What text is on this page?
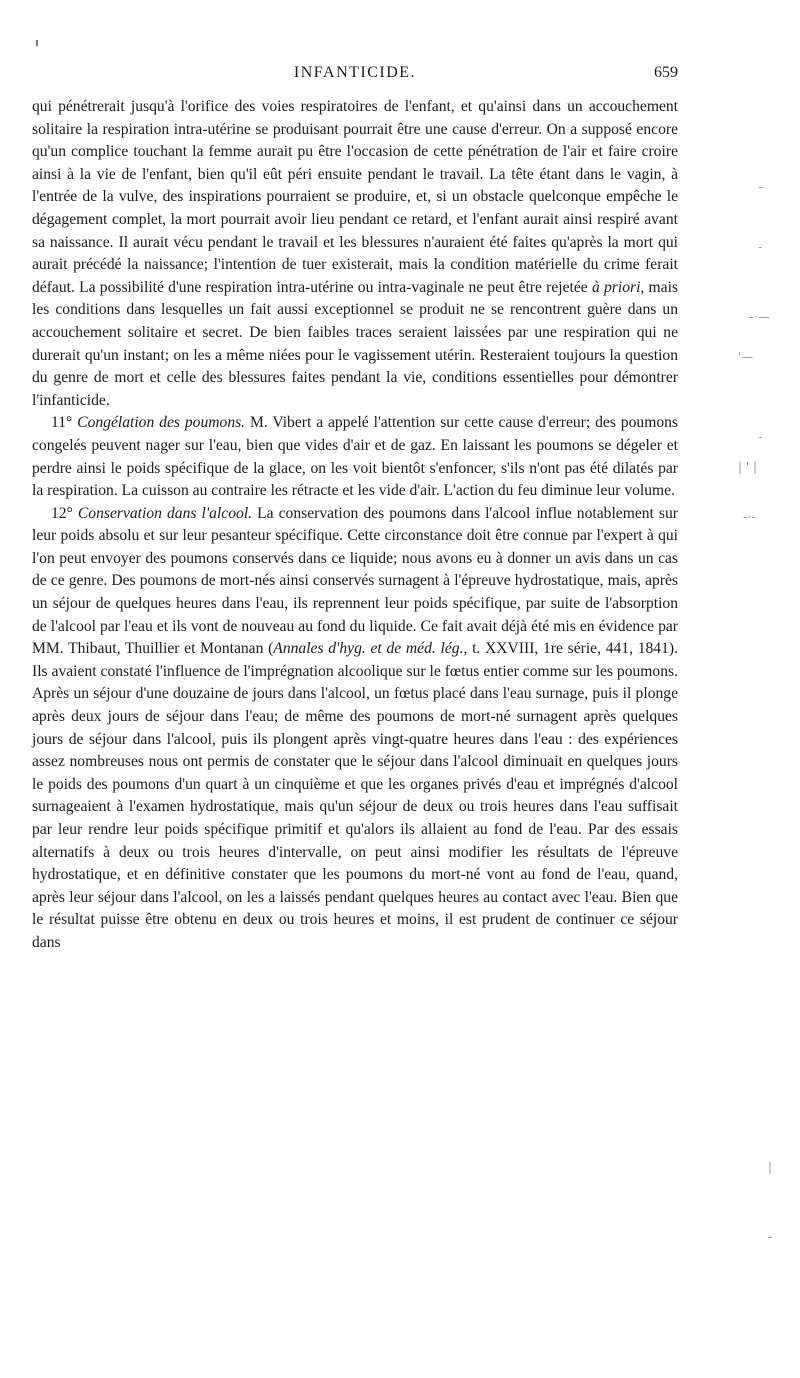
INFANTICIDE.	659

qui pénétrerait jusqu'à l'orifice des voies respiratoires de l'enfant, et qu'ainsi dans un accouchement solitaire la respiration intra-utérine se produisant pourrait être une cause d'erreur. On a supposé encore qu'un complice touchant la femme aurait pu être l'occasion de cette pénétration de l'air et faire croire ainsi à la vie de l'enfant, bien qu'il eût péri ensuite pendant le travail. La tête étant dans le vagin, à l'entrée de la vulve, des inspirations pourraient se produire, et, si un obstacle quelconque empêche le dégagement complet, la mort pourrait avoir lieu pendant ce retard, et l'enfant aurait ainsi respiré avant sa naissance. Il aurait vécu pendant le travail et les blessures n'auraient été faites qu'après la mort qui aurait précédé la naissance; l'intention de tuer existerait, mais la condition matérielle du crime ferait défaut. La possibilité d'une respiration intra-utérine ou intra-vaginale ne peut être rejetée à priori, mais les conditions dans lesquelles un fait aussi exceptionnel se produit ne se rencontrent guère dans un accouchement solitaire et secret. De bien faibles traces seraient laissées par une respiration qui ne durerait qu'un instant; on les a même niées pour le vagissement utérin. Resteraient toujours la question du genre de mort et celle des blessures faites pendant la vie, conditions essentielles pour démontrer l'infanticide.

11° Congélation des poumons. M. Vibert a appelé l'attention sur cette cause d'erreur; des poumons congelés peuvent nager sur l'eau, bien que vides d'air et de gaz. En laissant les poumons se dégeler et perdre ainsi le poids spécifique de la glace, on les voit bientôt s'enfoncer, s'ils n'ont pas été dilatés par la respiration. La cuisson au contraire les rétracte et les vide d'air. L'action du feu diminue leur volume.

12° Conservation dans l'alcool. La conservation des poumons dans l'alcool influe notablement sur leur poids absolu et sur leur pesanteur spécifique. Cette circonstance doit être connue par l'expert à qui l'on peut envoyer des poumons conservés dans ce liquide; nous avons eu à donner un avis dans un cas de ce genre. Des poumons de mort-nés ainsi conservés surnagent à l'épreuve hydrostatique, mais, après un séjour de quelques heures dans l'eau, ils reprennent leur poids spécifique, par suite de l'absorption de l'alcool par l'eau et ils vont de nouveau au fond du liquide. Ce fait avait déjà été mis en évidence par MM. Thibaut, Thuillier et Montanan (Annales d'hyg. et de méd. lég., t. XXVIII, 1re série, 441, 1841). Ils avaient constaté l'influence de l'imprégnation alcoolique sur le fœtus entier comme sur les poumons. Après un séjour d'une douzaine de jours dans l'alcool, un fœtus placé dans l'eau surnage, puis il plonge après deux jours de séjour dans l'eau; de même des poumons de mort-né surnagent après quelques jours de séjour dans l'alcool, puis ils plongent après vingt-quatre heures dans l'eau : des expériences assez nombreuses nous ont permis de constater que le séjour dans l'alcool diminuait en quelques jours le poids des poumons d'un quart à un cinquième et que les organes privés d'eau et imprégnés d'alcool surnageaient à l'examen hydrostatique, mais qu'un séjour de deux ou trois heures dans l'eau suffisait par leur rendre leur poids spécifique primitif et qu'alors ils allaient au fond de l'eau. Par des essais alternatifs à deux ou trois heures d'intervalle, on peut ainsi modifier les résultats de l'épreuve hydrostatique, et en définitive constater que les poumons du mort-né vont au fond de l'eau, quand, après leur séjour dans l'alcool, on les a laissés pendant quelques heures au contact avec l'eau. Bien que le résultat puisse être obtenu en deux ou trois heures et moins, il est prudent de continuer ce séjour dans

–
-
–·—
'—
-
| ' |
-·-
|
-
